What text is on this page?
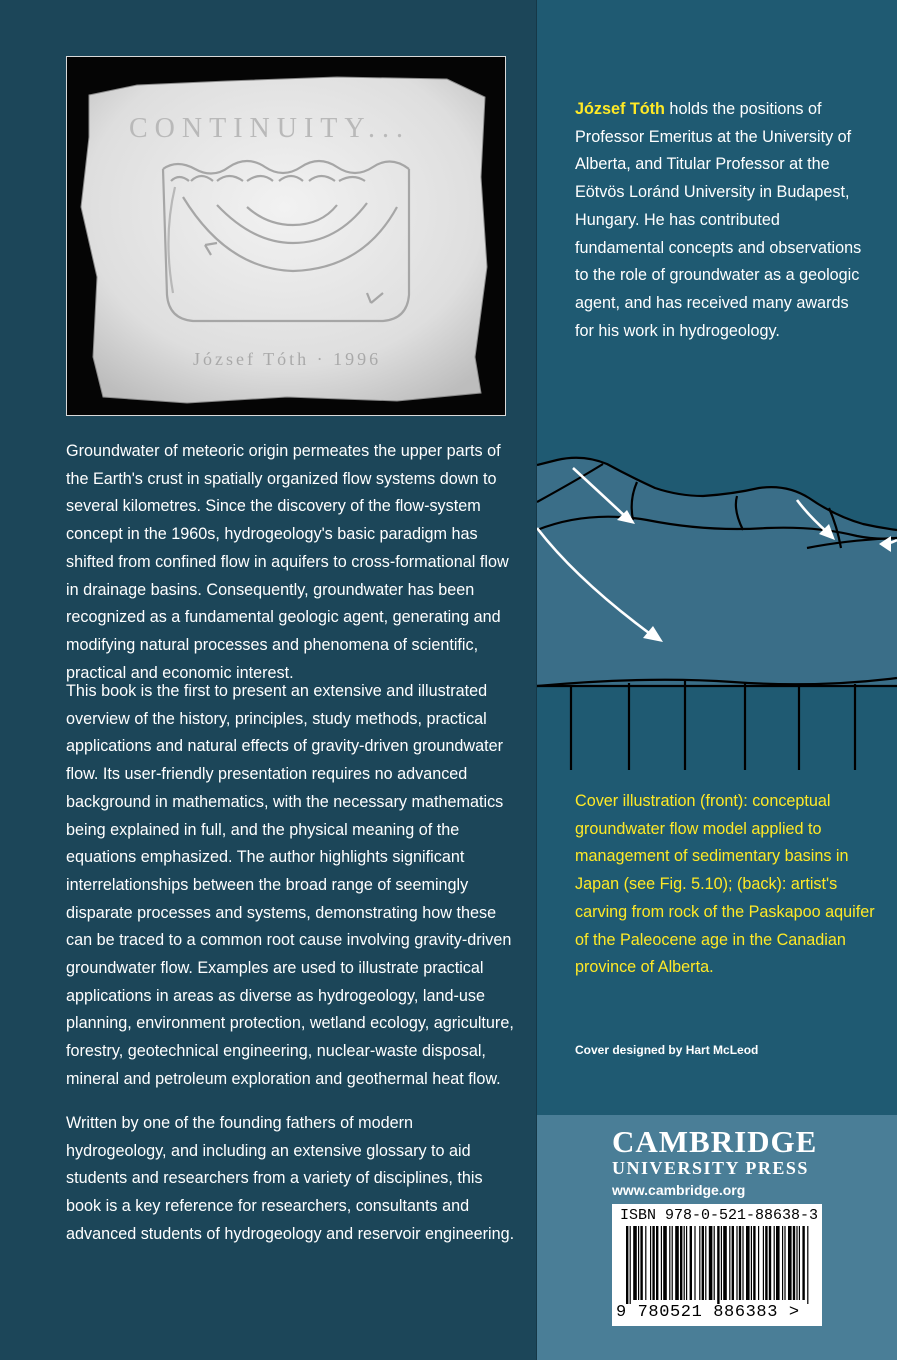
CONTINUITY...
József Tóth · 1996

Groundwater of meteoric origin permeates the upper parts of the Earth's crust in spatially organized flow systems down to several kilometres. Since the discovery of the flow-system concept in the 1960s, hydrogeology's basic paradigm has shifted from confined flow in aquifers to cross-formational flow in drainage basins. Consequently, groundwater has been recognized as a fundamental geologic agent, generating and modifying natural processes and phenomena of scientific, practical and economic interest.

This book is the first to present an extensive and illustrated overview of the history, principles, study methods, practical applications and natural effects of gravity-driven groundwater flow. Its user-friendly presentation requires no advanced background in mathematics, with the necessary mathematics being explained in full, and the physical meaning of the equations emphasized. The author highlights significant interrelationships between the broad range of seemingly disparate processes and systems, demonstrating how these can be traced to a common root cause involving gravity-driven groundwater flow. Examples are used to illustrate practical applications in areas as diverse as hydrogeology, land-use planning, environment protection, wetland ecology, agriculture, forestry, geotechnical engineering, nuclear-waste disposal, mineral and petroleum exploration and geothermal heat flow.

Written by one of the founding fathers of modern hydrogeology, and including an extensive glossary to aid students and researchers from a variety of disciplines, this book is a key reference for researchers, consultants and advanced students of hydrogeology and reservoir engineering.

József Tóth holds the positions of Professor Emeritus at the University of Alberta, and Titular Professor at the Eötvös Loránd University in Budapest, Hungary. He has contributed fundamental concepts and observations to the role of groundwater as a geologic agent, and has received many awards for his work in hydrogeology.

Cover illustration (front): conceptual groundwater flow model applied to management of sedimentary basins in Japan (see Fig. 5.10); (back): artist's carving from rock of the Paskapoo aquifer of the Paleocene age in the Canadian province of Alberta.

Cover designed by Hart McLeod

CAMBRIDGE

UNIVERSITY PRESS

www.cambridge.org

ISBN 978-0-521-88638-3

9 780521 886383 >
